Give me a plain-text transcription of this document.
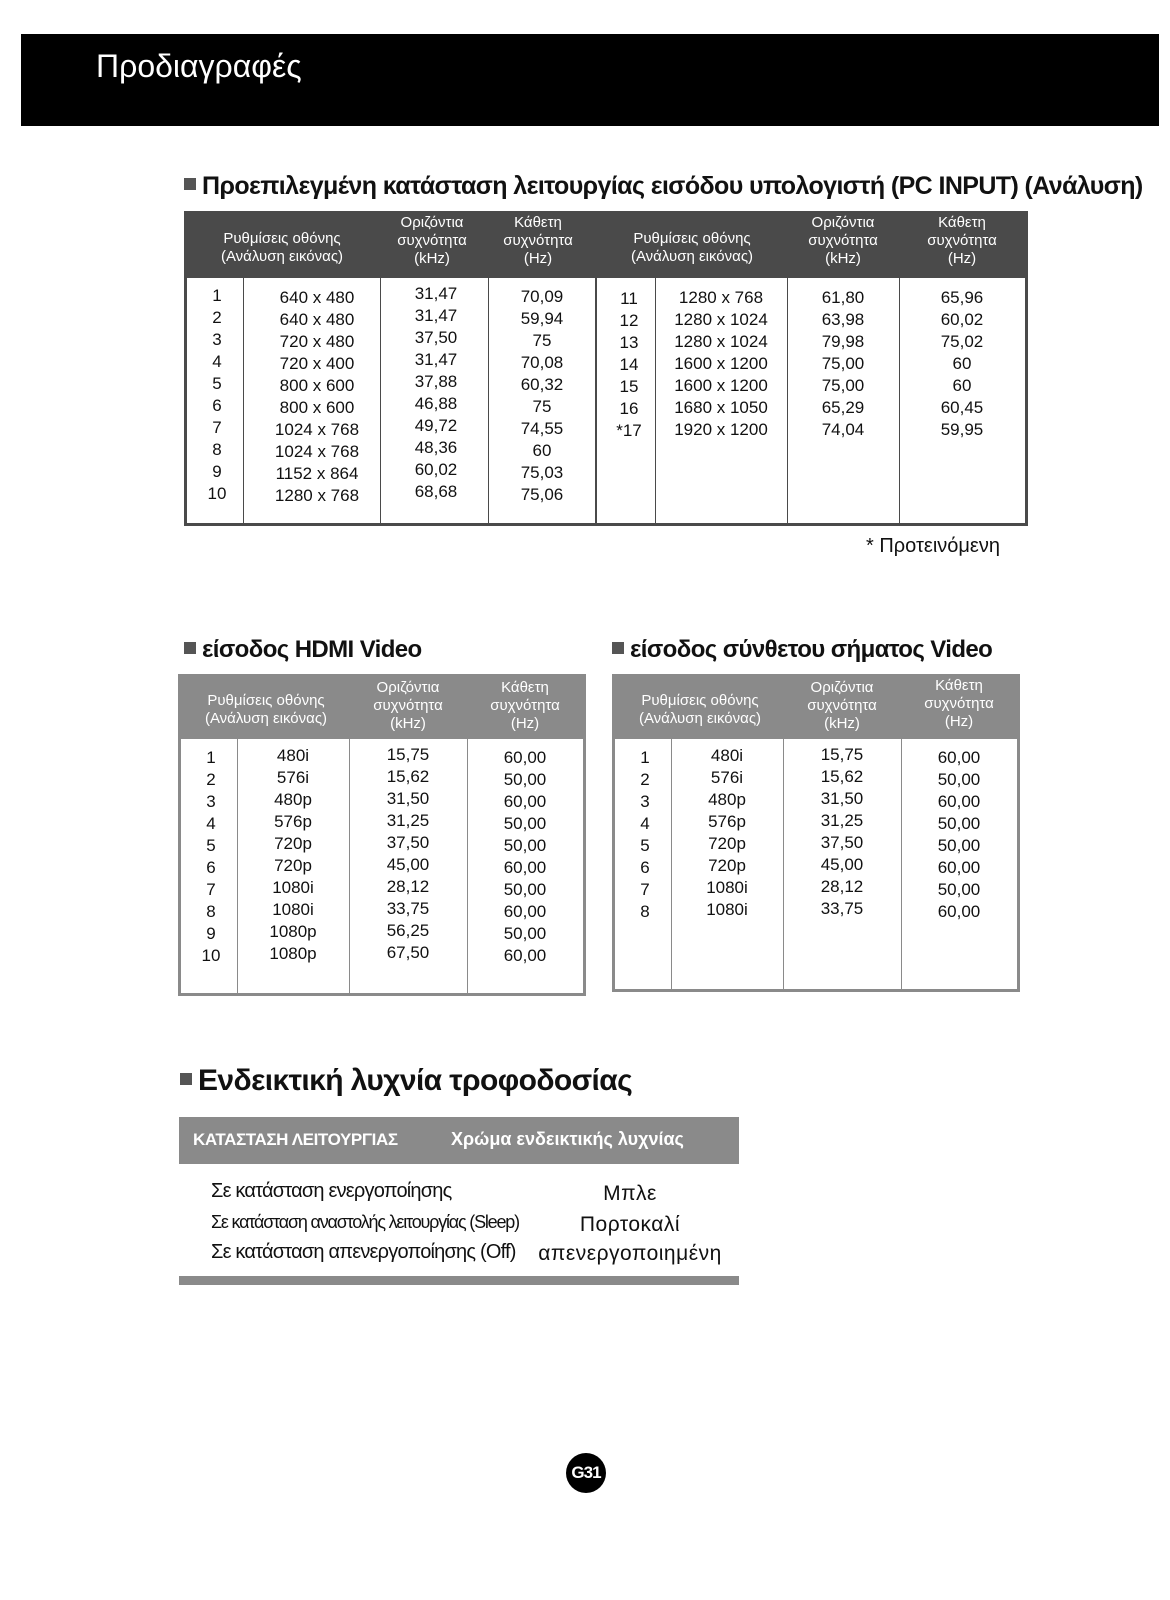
Προδιαγραφές
Προεπιλεγμένη κατάσταση λειτουργίας εισόδου υπολογιστή (PC INPUT) (Ανάλυση)
Ρυθμίσεις οθόνης
(Ανάλυση εικόνας)
Οριζόντια
συχνότητα
(kHz)
Κάθετη
συχνότητα
(Hz)
Ρυθμίσεις οθόνης
(Ανάλυση εικόνας)
Οριζόντια
συχνότητα
(kHz)
Κάθετη
συχνότητα
(Hz)
1
2
3
4
5
6
7
8
9
10
640 x 480
640 x 480
720 x 480
720 x 400
800 x 600
800 x 600
1024 x 768
1024 x 768
1152 x 864
1280 x 768
31,47
31,47
37,50
31,47
37,88
46,88
49,72
48,36
60,02
68,68
70,09
59,94
75
70,08
60,32
75
74,55
60
75,03
75,06
11
12
13
14
15
16
*17
1280 x 768
1280 x 1024
1280 x 1024
1600 x 1200
1600 x 1200
1680 x 1050
1920 x 1200
61,80
63,98
79,98
75,00
75,00
65,29
74,04
65,96
60,02
75,02
60
60
60,45
59,95
* Προτεινόμενη
είσοδος HDMI Video
Ρυθμίσεις οθόνης
(Ανάλυση εικόνας)
Οριζόντια
συχνότητα
(kHz)
Κάθετη
συχνότητα
(Hz)
1
2
3
4
5
6
7
8
9
10
480i
576i
480p
576p
720p
720p
1080i
1080i
1080p
1080p
15,75
15,62
31,50
31,25
37,50
45,00
28,12
33,75
56,25
67,50
60,00
50,00
60,00
50,00
50,00
60,00
50,00
60,00
50,00
60,00
είσοδος σύνθετου σήματος Video
Ρυθμίσεις οθόνης
(Ανάλυση εικόνας)
Οριζόντια
συχνότητα
(kHz)
Κάθετη
συχνότητα
(Hz)
1
2
3
4
5
6
7
8
480i
576i
480p
576p
720p
720p
1080i
1080i
15,75
15,62
31,50
31,25
37,50
45,00
28,12
33,75
60,00
50,00
60,00
50,00
50,00
60,00
50,00
60,00
Ενδεικτική λυχνία τροφοδοσίας
ΚΑΤΑΣΤΑΣΗ ΛΕΙΤΟΥΡΓΙΑΣ	Χρώμα ενδεικτικής λυχνίας
Σε κατάσταση ενεργοποίησης
Σε κατάσταση αναστολής λειτουργίας (Sleep)
Σε κατάσταση απενεργοποίησης (Off)
Μπλε
Πορτοκαλί
απενεργοποιημένη
G31
